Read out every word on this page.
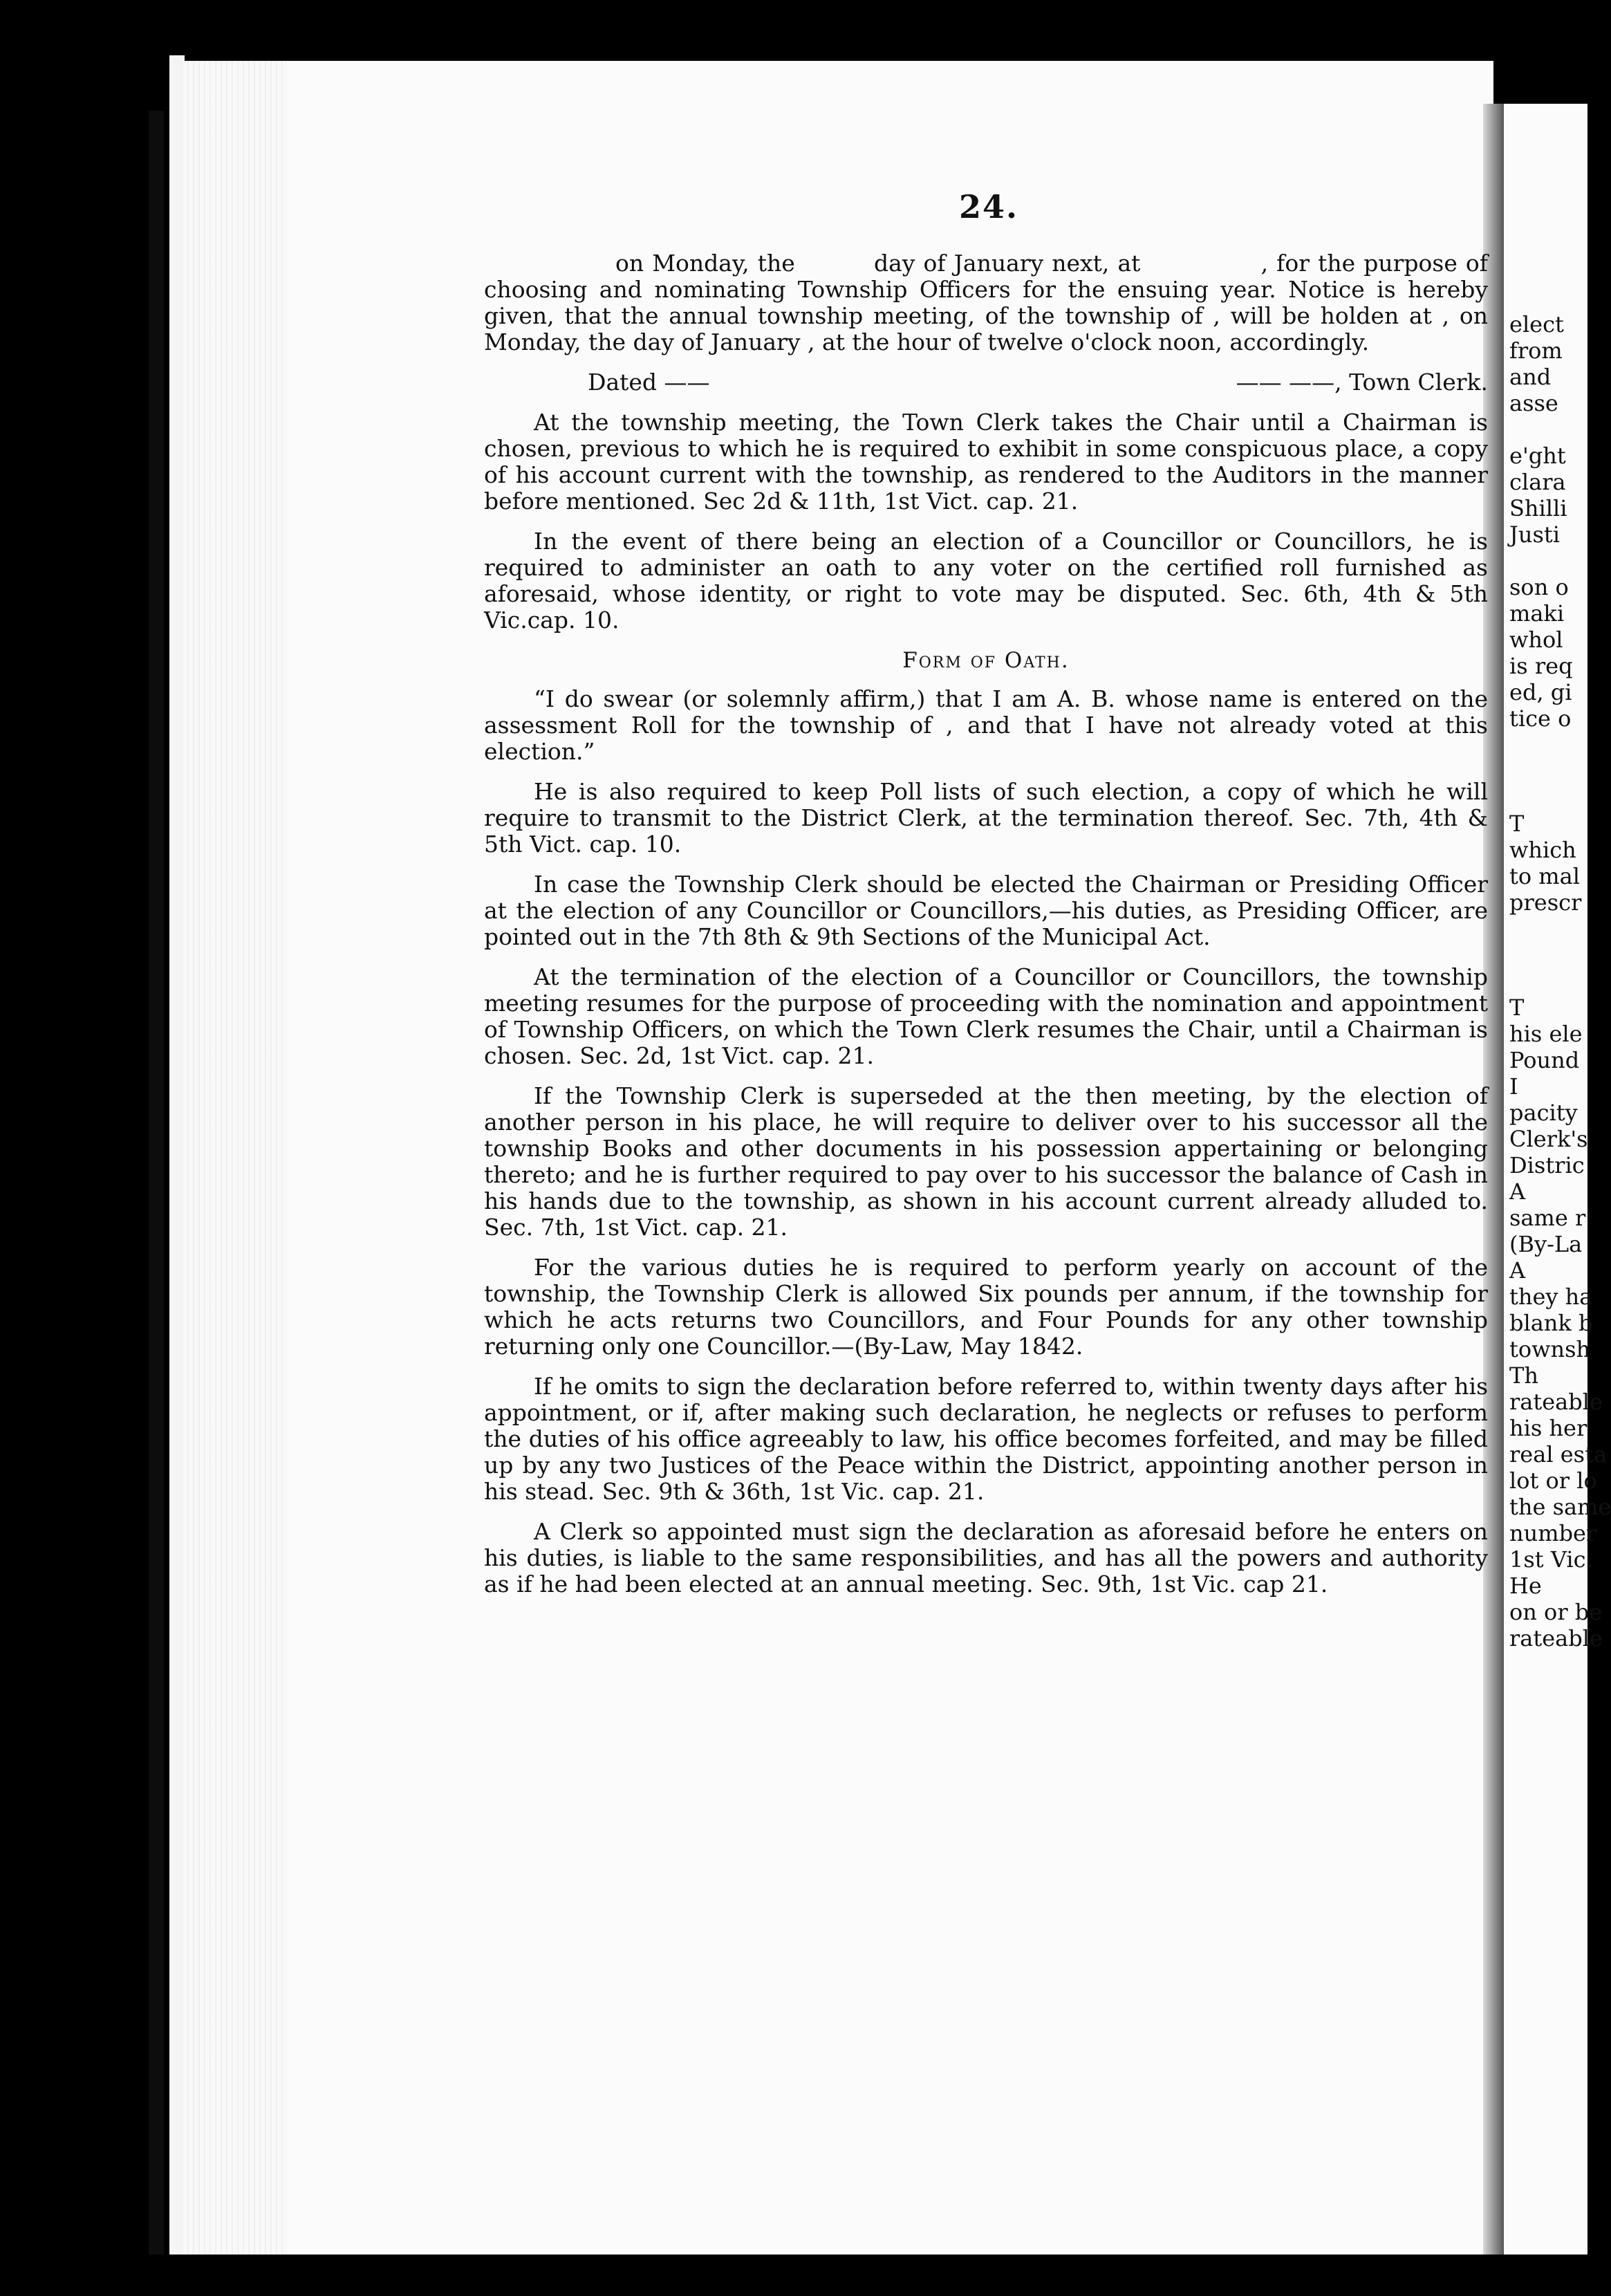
elect
from
and
asse
e'ght
clara
Shilli
Justi
son o
maki
whol
is req
ed, gi
tice o
T
which
to mal
prescr
T
his ele
Pound
I
pacity
Clerk's
Distric
A
same r
(By-La
A
they ha
blank b
townsh
Th
rateable
his her
real esta
lot or lo
the same
number
1st Vic.
He
on or be
rateable
24.

on Monday, the	day of January next, at	, for the purpose of choosing and nominating Township Officers for the ensuing year. Notice is hereby given, that the annual township meeting, of the township of , will be holden at , on Monday, the day of January , at the hour of twelve o'clock noon, accordingly.

Dated ——	—— ——, Town Clerk.

At the township meeting, the Town Clerk takes the Chair until a Chairman is chosen, previous to which he is required to exhibit in some conspicuous place, a copy of his account current with the township, as rendered to the Auditors in the manner before mentioned. Sec 2d & 11th, 1st Vict. cap. 21.

In the event of there being an election of a Councillor or Councillors, he is required to administer an oath to any voter on the certified roll furnished as aforesaid, whose identity, or right to vote may be disputed. Sec. 6th, 4th & 5th Vic.cap. 10.

Form of Oath.

“I do swear (or solemnly affirm,) that I am A. B. whose name is entered on the assessment Roll for the township of , and that I have not already voted at this election.”

He is also required to keep Poll lists of such election, a copy of which he will require to transmit to the District Clerk, at the termination thereof. Sec. 7th, 4th & 5th Vict. cap. 10.

In case the Township Clerk should be elected the Chairman or Presiding Officer at the election of any Councillor or Councillors,—his duties, as Presiding Officer, are pointed out in the 7th 8th & 9th Sections of the Municipal Act.

At the termination of the election of a Councillor or Councillors, the township meeting resumes for the purpose of proceeding with the nomination and appointment of Township Officers, on which the Town Clerk resumes the Chair, until a Chairman is chosen. Sec. 2d, 1st Vict. cap. 21.

If the Township Clerk is superseded at the then meeting, by the election of another person in his place, he will require to deliver over to his successor all the township Books and other documents in his possession appertaining or belonging thereto; and he is further required to pay over to his successor the balance of Cash in his hands due to the township, as shown in his account current already alluded to. Sec. 7th, 1st Vict. cap. 21.

For the various duties he is required to perform yearly on account of the township, the Township Clerk is allowed Six pounds per annum, if the township for which he acts returns two Councillors, and Four Pounds for any other township returning only one Councillor.—(By-Law, May 1842.

If he omits to sign the declaration before referred to, within twenty days after his appointment, or if, after making such declaration, he neglects or refuses to perform the duties of his office agreeably to law, his office becomes forfeited, and may be filled up by any two Justices of the Peace within the District, appointing another person in his stead. Sec. 9th & 36th, 1st Vic. cap. 21.

A Clerk so appointed must sign the declaration as aforesaid before he enters on his duties, is liable to the same responsibilities, and has all the powers and authority as if he had been elected at an annual meeting. Sec. 9th, 1st Vic. cap 21.
